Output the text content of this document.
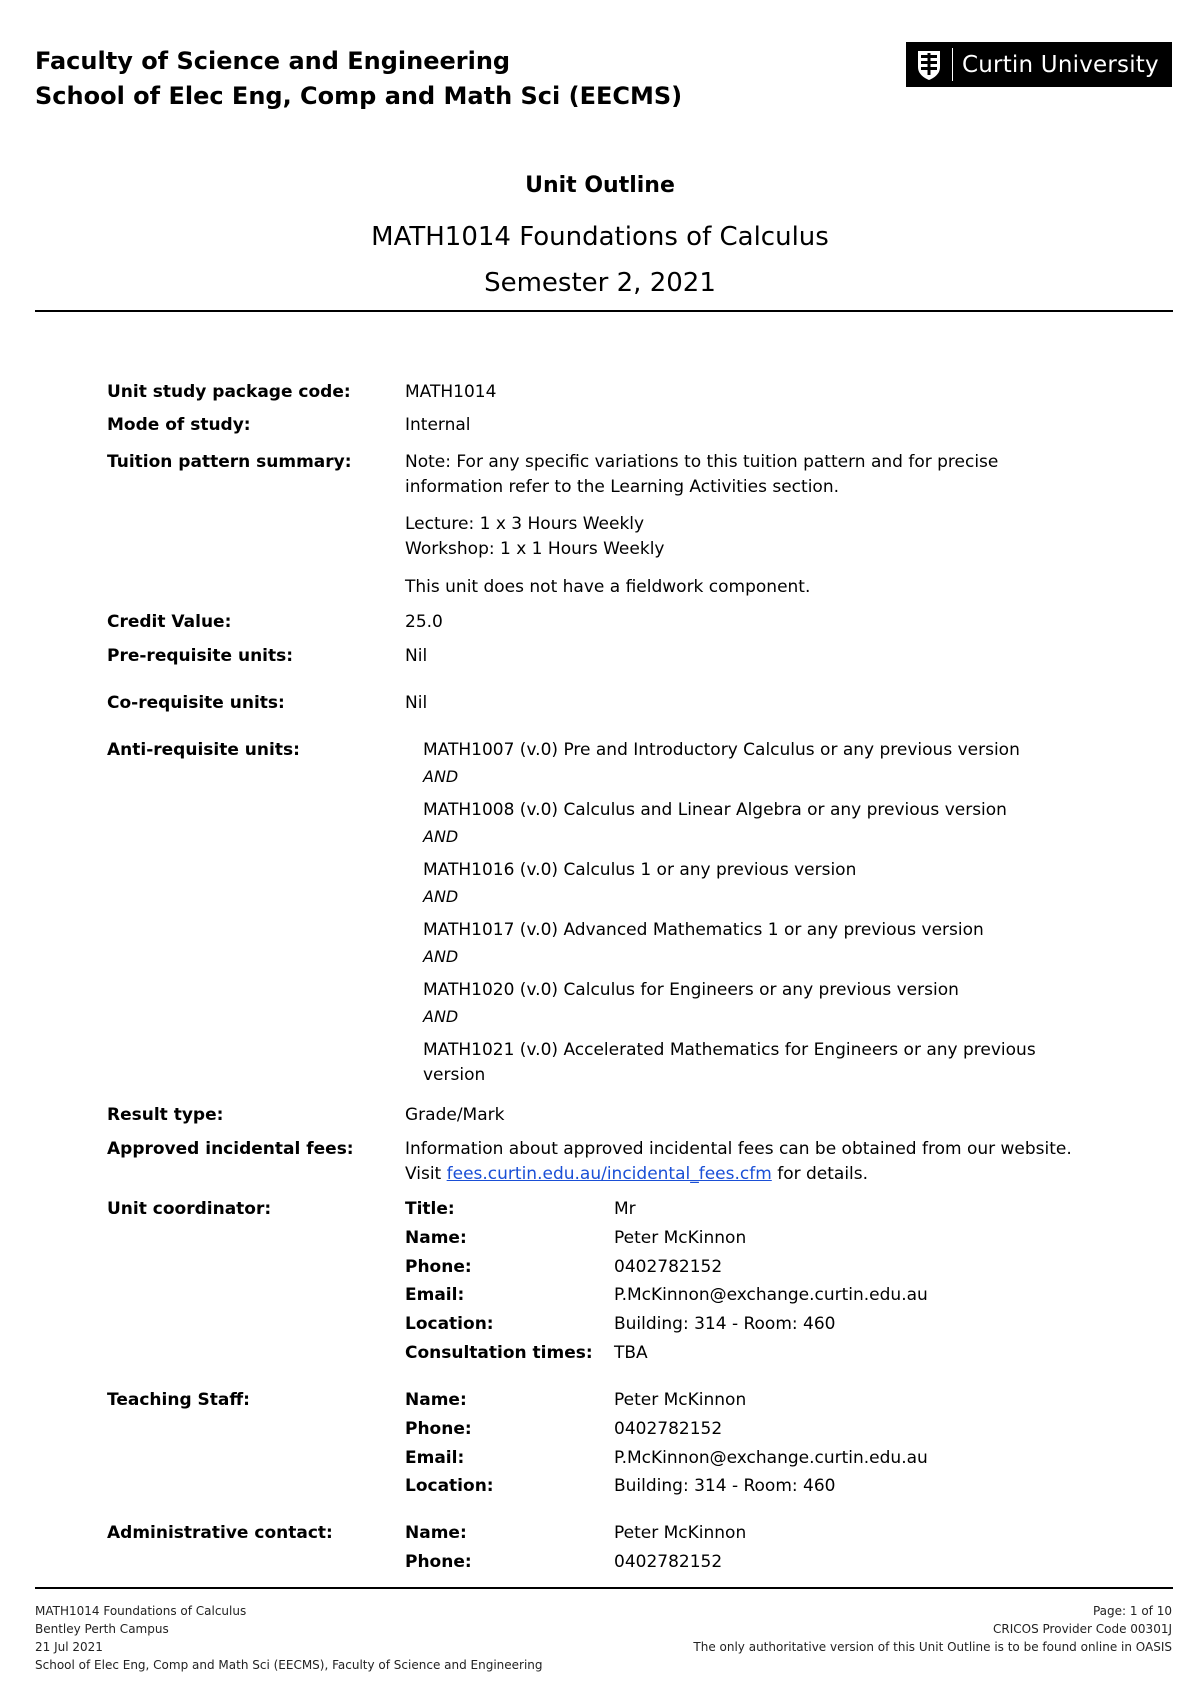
Faculty of Science and Engineering
School of Elec Eng, Comp and Math Sci (EECMS)
Curtin University
Unit Outline
MATH1014 Foundations of Calculus
Semester 2, 2021
Unit study package code:	MATH1014
Mode of study:	Internal
Tuition pattern summary:	Note: For any specific variations to this tuition pattern and for precise information refer to the Learning Activities section.
Lecture: 1 x 3 Hours Weekly
Workshop: 1 x 1 Hours Weekly
This unit does not have a fieldwork component.
Credit Value:	25.0
Pre-requisite units:	Nil
Co-requisite units:	Nil
Anti-requisite units:	MATH1007 (v.0) Pre and Introductory Calculus or any previous version
AND
MATH1008 (v.0) Calculus and Linear Algebra or any previous version
AND
MATH1016 (v.0) Calculus 1 or any previous version
AND
MATH1017 (v.0) Advanced Mathematics 1 or any previous version
AND
MATH1020 (v.0) Calculus for Engineers or any previous version
AND
MATH1021 (v.0) Accelerated Mathematics for Engineers or any previous version
Result type:	Grade/Mark
Approved incidental fees:	Information about approved incidental fees can be obtained from our website.
Visit fees.curtin.edu.au/incidental_fees.cfm for details.
Unit coordinator:	Title:	Mr
Name:	Peter McKinnon
Phone:	0402782152
Email:	P.McKinnon@exchange.curtin.edu.au
Location:	Building: 314 - Room: 460
Consultation times: TBA
Teaching Staff:	Name:	Peter McKinnon
Phone:	0402782152
Email:	P.McKinnon@exchange.curtin.edu.au
Location:	Building: 314 - Room: 460
Administrative contact:	Name:	Peter McKinnon
Phone:	0402782152
MATH1014 Foundations of Calculus
Bentley Perth Campus
21 Jul 2021
School of Elec Eng, Comp and Math Sci (EECMS), Faculty of Science and Engineering
Page: 1 of 10
CRICOS Provider Code 00301J
The only authoritative version of this Unit Outline is to be found online in OASIS
